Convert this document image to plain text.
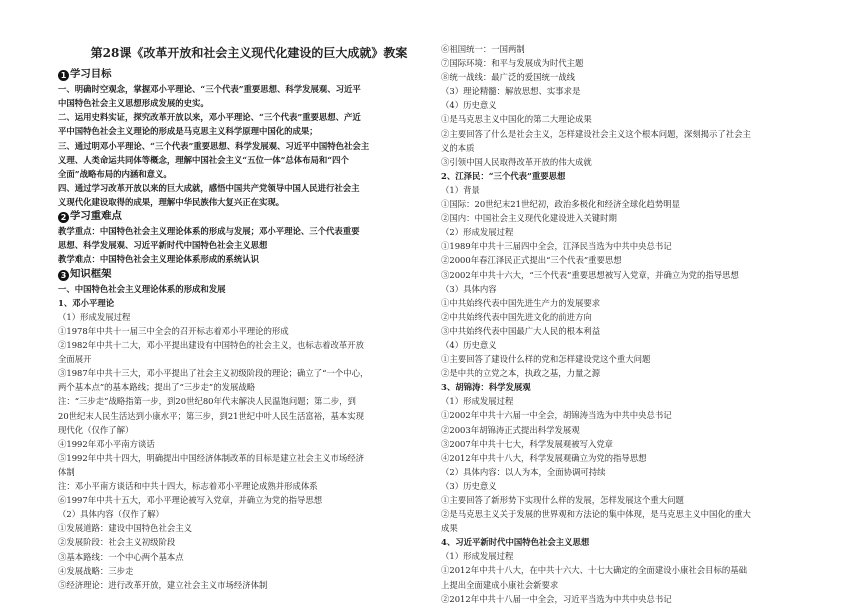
第28课《改革开放和社会主义现代化建设的巨大成就》教案
1 学习目标
一、明确时空观念，掌握邓小平理论、“三个代表”重要思想、科学发展观、习近平
中国特色社会主义思想形成发展的史实。
二、运用史料实证，探究改革开放以来，邓小平理论、“三个代表”重要思想、产近
平中国特色社会主义理论的形成是马克思主义科学原理中国化的成果；
三、通过明邓小平理论、“三个代表”重要思想、科学发展观、习近平中国特色社会主
义理、人类命运共同体等概念，理解中国社会主义“五位一体”总体布局和“四个
全面”战略布局的内涵和意义。
四、通过学习改革开放以来的巨大成就，感悟中国共产党领导中国人民进行社会主
义现代化建设取得的成果，理解中华民族伟大复兴正在实现。
2 学习重难点
教学重点：中国特色社会主义理论体系的形成与发展；邓小平理论、三个代表重要
思想、科学发展观、习近平新时代中国特色社会主义思想
教学难点：中国特色社会主义理论体系形成的系统认识
3 知识框架
一、中国特色社会主义理论体系的形成和发展
1、邓小平理论
（1）形成发展过程
①1978年中共十一届三中全会的召开标志着邓小平理论的形成
②1982年中共十二大，邓小平提出建设有中国特色的社会主义，也标志着改革开放
全面展开
③1987年中共十三大，邓小平提出了社会主义初级阶段的理论；确立了“一个中心，
两个基本点”的基本路线；提出了“三步走”的发展战略
注：“三步走”战略指第一步，到20世纪80年代末解决人民温饱问题；第二步，到
20世纪末人民生活达到小康水平；第三步，到21世纪中叶人民生活富裕，基本实现
现代化（仅作了解）
④1992年邓小平南方谈话
⑤1992年中共十四大，明确提出中国经济体制改革的目标是建立社会主义市场经济
体制
注：邓小平南方谈话和中共十四大，标志着邓小平理论成熟并形成体系
⑥1997年中共十五大，邓小平理论被写入党章，并确立为党的指导思想
（2）具体内容（仅作了解）
①发展道路：建设中国特色社会主义
②发展阶段：社会主义初级阶段
③基本路线：一个中心两个基本点
④发展战略：三步走
⑤经济理论：进行改革开放，建立社会主义市场经济体制
⑥祖国统一：一国两制
⑦国际环境：和平与发展成为时代主题
⑧统一战线：最广泛的爱国统一战线
（3）理论精髓：解放思想、实事求是
（4）历史意义
①是马克思主义中国化的第二大理论成果
②主要回答了什么是社会主义，怎样建设社会主义这个根本问题，深刻揭示了社会主
义的本质
③引领中国人民取得改革开放的伟大成就
2、江泽民：“三个代表”重要思想
（1）背景
①国际：20世纪末21世纪初，政治多极化和经济全球化趋势明显
②国内：中国社会主义现代化建设进入关键时期
（2）形成发展过程
①1989年中共十三届四中全会，江泽民当选为中共中央总书记
②2000年春江泽民正式提出“三个代表”重要思想
③2002年中共十六大，“三个代表”重要思想被写入党章，并确立为党的指导思想
（3）具体内容
①中共始终代表中国先进生产力的发展要求
②中共始终代表中国先进文化的前进方向
③中共始终代表中国最广大人民的根本利益
（4）历史意义
①主要回答了建设什么样的党和怎样建设党这个重大问题
②是中共的立党之本，执政之基，力量之源
3、胡锦涛：科学发展观
（1）形成发展过程
①2002年中共十六届一中全会，胡锦涛当选为中共中央总书记
②2003年胡锦涛正式提出科学发展观
③2007年中共十七大，科学发展观被写入党章
④2012年中共十八大，科学发展观确立为党的指导思想
（2）具体内容：以人为本，全面协调可持续
（3）历史意义
①主要回答了新形势下实现什么样的发展，怎样发展这个重大问题
②是马克思主义关于发展的世界观和方法论的集中体现，是马克思主义中国化的重大
成果
4、习近平新时代中国特色社会主义思想
（1）形成发展过程
①2012年中共十八大，在中共十六大、十七大确定的全面建设小康社会目标的基础
上提出全面建成小康社会新要求
②2012年中共十八届一中全会，习近平当选为中共中央总书记
